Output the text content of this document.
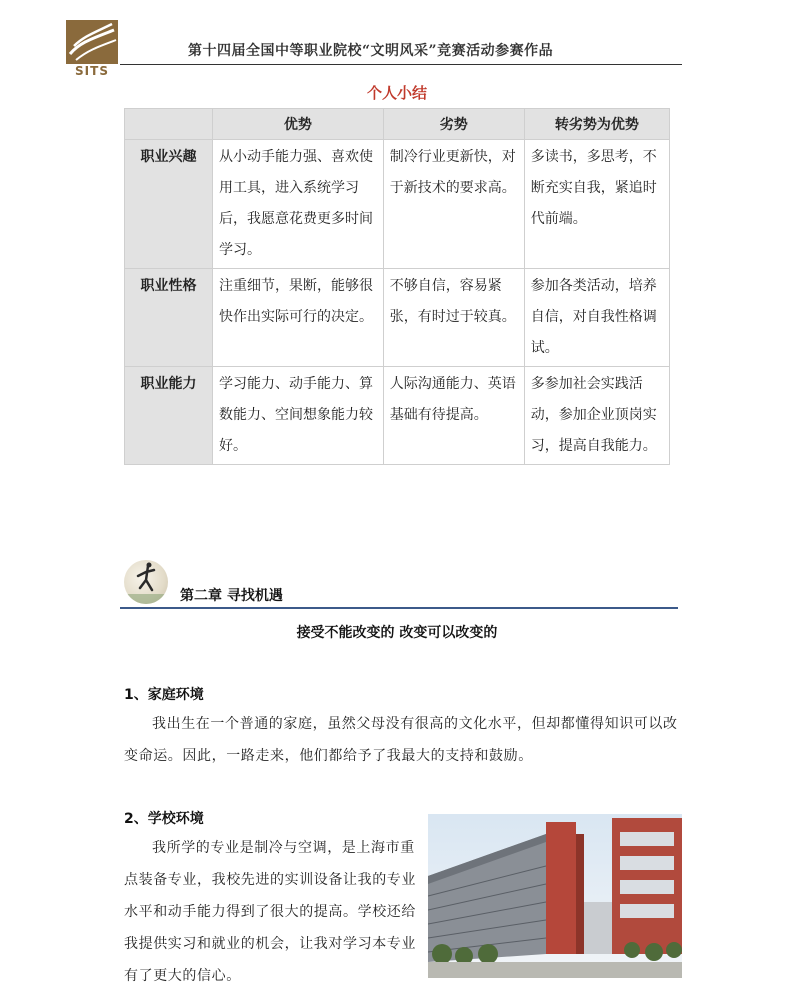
SITS
第十四届全国中等职业院校“文明风采”竞赛活动参赛作品
个人小结
	优势	劣势	转劣势为优势
职业兴趣	从小动手能力强、喜欢使用工具，进入系统学习后，我愿意花费更多时间学习。	制冷行业更新快，对于新技术的要求高。	多读书，多思考，不断充实自我，紧追时代前端。
职业性格	注重细节，果断，能够很快作出实际可行的决定。	不够自信，容易紧张，有时过于较真。	参加各类活动，培养自信，对自我性格调试。
职业能力	学习能力、动手能力、算数能力、空间想象能力较好。	人际沟通能力、英语基础有待提高。	多参加社会实践活动，参加企业顶岗实习，提高自我能力。
第二章 寻找机遇
接受不能改变的 改变可以改变的
1、家庭环境
我出生在一个普通的家庭，虽然父母没有很高的文化水平，但却都懂得知识可以改变命运。因此，一路走来，他们都给予了我最大的支持和鼓励。
2、学校环境
我所学的专业是制冷与空调，是上海市重点装备专业，我校先进的实训设备让我的专业水平和动手能力得到了很大的提高。学校还给我提供实习和就业的机会，让我对学习本专业有了更大的信心。
